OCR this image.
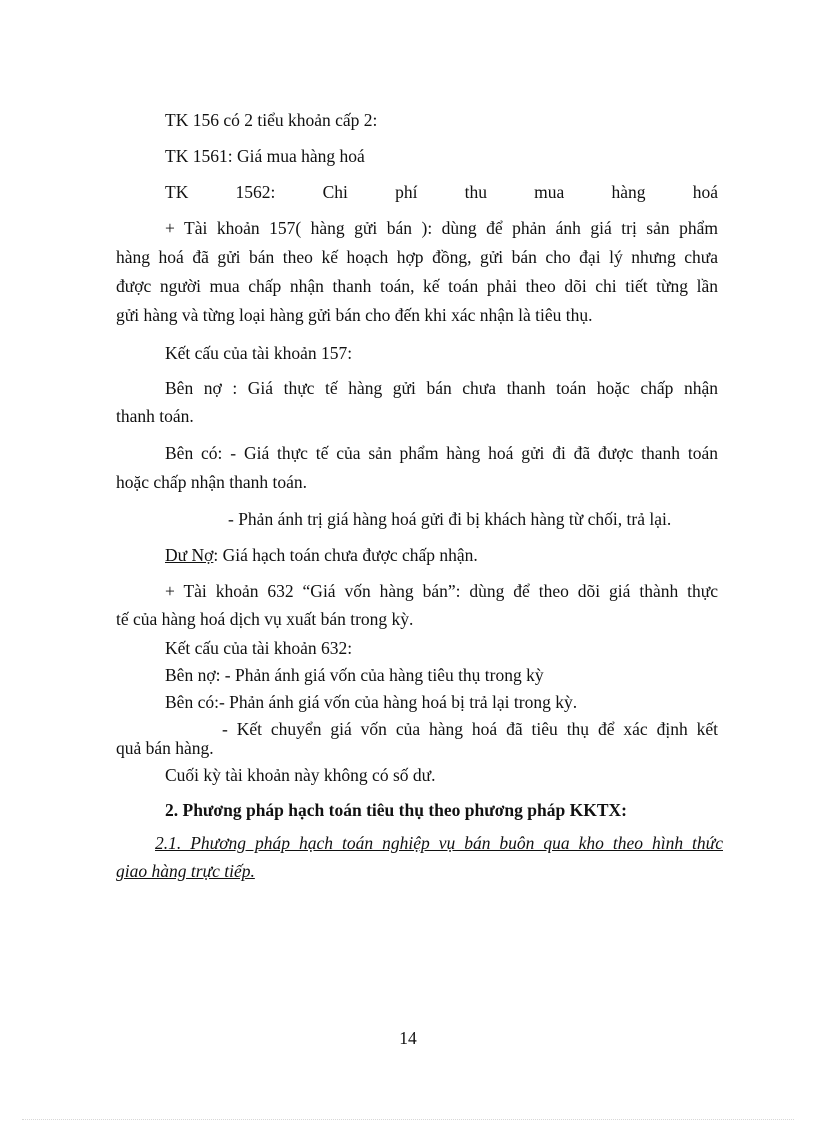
TK 156 có 2 tiểu khoản cấp 2:
TK 1561: Giá mua hàng hoá
TK 1562: Chi phí thu mua hàng hoá
+ Tài khoản 157( hàng gửi bán ): dùng để phản ánh giá trị sản phẩm
hàng hoá đã gửi bán theo kế hoạch hợp đồng, gửi bán cho đại lý nhưng chưa
được người mua chấp nhận thanh toán, kế toán phải theo dõi chi tiết từng lần
gửi hàng và từng loại hàng gửi bán cho đến khi xác nhận là tiêu thụ.
Kết cấu của tài khoản 157:
Bên nợ : Giá thực tế hàng gửi bán chưa thanh toán hoặc chấp nhận
thanh toán.
Bên có: - Giá thực tế của sản phẩm hàng hoá gửi đi đã được thanh toán
hoặc chấp nhận thanh toán.
- Phản ánh trị giá hàng hoá gửi đi bị khách hàng từ chối, trả lại.
Dư Nợ: Giá hạch toán chưa được chấp nhận.
+ Tài khoản 632 “Giá vốn hàng bán”: dùng để theo dõi giá thành thực
tế của hàng hoá dịch vụ xuất bán trong kỳ.
Kết cấu của tài khoản 632:
Bên nợ: - Phản ánh giá vốn của hàng tiêu thụ trong kỳ
Bên có:- Phản ánh giá vốn của hàng hoá bị trả lại trong kỳ.
- Kết chuyển giá vốn của hàng hoá đã tiêu thụ để xác định kết
quả bán hàng.
Cuối kỳ tài khoản này không có số dư.
2. Phương pháp hạch toán tiêu thụ theo phương pháp KKTX:
2.1. Phương pháp hạch toán nghiệp vụ bán buôn qua kho theo hình thức
giao hàng trực tiếp.
14
